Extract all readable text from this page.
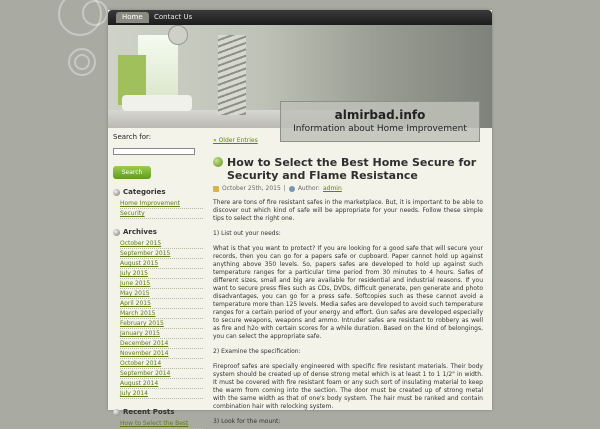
Home	Contact Us
almirbad.info
Information about Home Improvement
Search for:
Search
Categories
Home Improvement
Security
Archives
October 2015
September 2015
August 2015
July 2015
June 2015
May 2015
April 2015
March 2015
February 2015
January 2015
December 2014
November 2014
October 2014
September 2014
August 2014
July 2014
Recent Posts
How to Select the Best
« Older Entries
How to Select the Best Home Secure for Security and Flame Resistance
October 25th, 2015 | Author: admin

There are tons of fire resistant safes in the marketplace. But, it is important to be able to discover out which kind of safe will be appropriate for your needs. Follow these simple tips to select the right one.

1) List out your needs:

What is that you want to protect? If you are looking for a good safe that will secure your records, then you can go for a papers safe or cupboard. Paper cannot hold up against anything above 350 levels. So, papers safes are developed to hold up against such temperature ranges for a particular time period from 30 minutes to 4 hours. Safes of different sizes, small and big are available for residential and industrial reasons. If you want to secure press files such as CDs, DVDs, difficult generate, pen generate and photo disadvantages, you can go for a press safe. Softcopies such as these cannot avoid a temperature more than 125 levels. Media safes are developed to avoid such temperature ranges for a certain period of your energy and effort. Gun safes are developed especially to secure weapons, weapons and ammo. Intruder safes are resistant to robbery as well as fire and h2o with certain scores for a while duration. Based on the kind of belongings, you can select the appropriate safe.

2) Examine the specification:

Fireproof safes are specially engineered with specific fire resistant materials. Their body system should be created up of dense strong metal which is at least 1 to 1 1/2" in width. It must be covered with fire resistant foam or any such sort of insulating material to keep the warm from coming into the section. The door must be created up of strong metal with the same width as that of one's body system. The hair must be ranked and contain combination hair with relocking system.

3) Look for the mount:
